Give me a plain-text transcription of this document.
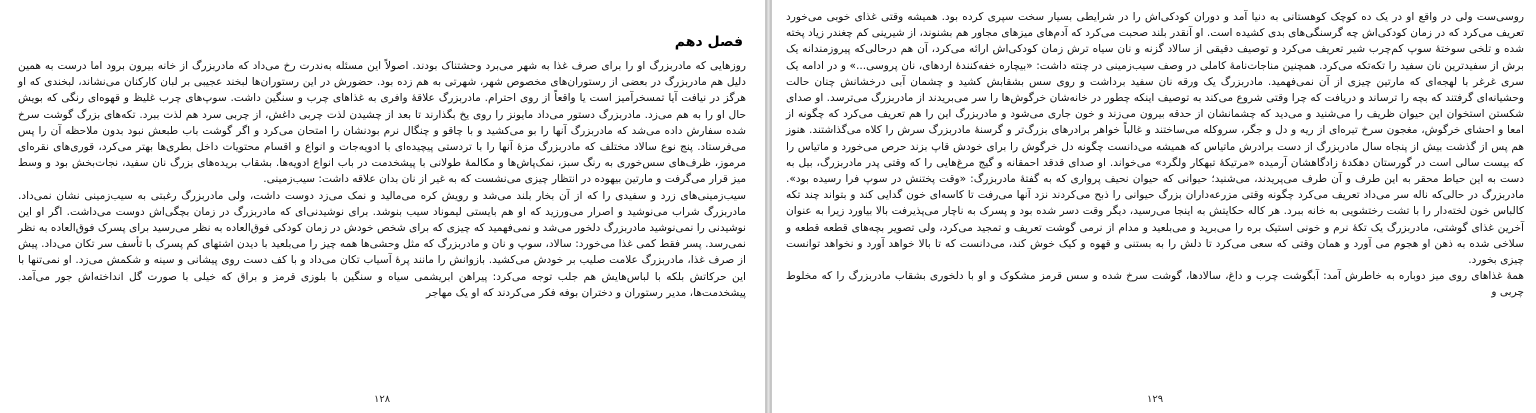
فصل دهم

روزهایی که مادربزرگ او را برای صرف غذا به شهر می‌برد وحشتناک بودند. اصولاً این مسئله به‌ندرت رخ می‌داد که مادربزرگ از خانه بیرون برود اما درست به همین دلیل هم مادربزرگ در بعضی از رستوران‌های مخصوص شهر، شهرتی به هم زده بود. حضورش در این رستوران‌ها لبخند عجیبی بر لبان کارکنان می‌نشاند، لبخندی که او هرگز در نیافت آیا تمسخرآمیز است یا واقعاً از روی احترام. مادربزرگ علاقهٔ وافری به غذاهای چرب و سنگین داشت. سوپ‌های چرب غلیظ و قهوه‌ای رنگی که بویش حال او را به هم می‌زد. مادربزرگ دستور می‌داد مایونز را روی یخ بگذارند تا بعد از چشیدن لذت چربی داغش، از چربی سرد هم لذت ببرد. تکه‌های بزرگ گوشت سرخ شده سفارش داده می‌شد که مادربزرگ آنها را بو می‌کشید و با چاقو و چنگال نرم بودنشان را امتحان می‌کرد و اگر گوشت باب طبعش نبود بدون ملاحظه آن را پس می‌فرستاد. پنج نوع سالاد مختلف که مادربزرگ مزهٔ آنها را با تردستی پیچیده‌ای با ادویه‌جات و انواع و اقسام محتویات داخل بطری‌ها بهتر می‌کرد، قوری‌های نقره‌ای مرموز، ظرف‌های سس‌خوری به رنگ سبز، نمک‌پاش‌ها و مکالمهٔ طولانی با پیشخدمت در باب انواع ادویه‌ها. بشقاب بریده‌های بزرگ نان سفید، نجات‌بخش بود و وسط میز قرار می‌گرفت و مارتین بیهوده در انتظار چیزی می‌نشست که به غیر از نان بدان علاقه داشت: سیب‌زمینی.

سیب‌زمینی‌های زرد و سفیدی را که از آن بخار بلند می‌شد و رویش کره می‌مالید و نمک می‌زد دوست داشت، ولی مادربزرگ رغبتی به سیب‌زمینی نشان نمی‌داد. مادربزرگ شراب می‌نوشید و اصرار می‌ورزید که او هم بایستی لیموناد سیب بنوشد. برای نوشیدنی‌ای که مادربزرگ در زمان بچگی‌اش دوست می‌داشت. اگر او این نوشیدنی را نمی‌نوشید مادربزرگ دلخور می‌شد و نمی‌فهمید که چیزی که برای شخص خودش در زمان کودکی فوق‌العاده به نظر می‌رسید برای پسرک فوق‌العاده به نظر نمی‌رسد. پسر فقط کمی غذا می‌خورد: سالاد، سوپ و نان و مادربزرگ که مثل وحشی‌ها همه چیز را می‌بلعید با دیدن اشتهای کم پسرک با تأسف سر تکان می‌داد. پیش از صرف غذا، مادربزرگ علامت صلیب بر خودش می‌کشید. بازوانش را مانند پرهٔ آسیاب تکان می‌داد و با کف دست روی پیشانی و سینه و شکمش می‌زد. او نمی‌تنها با این حرکاتش بلکه با لباس‌هایش هم جلب توجه می‌کرد: پیراهن ابریشمی سیاه و سنگین با بلوزی قرمز و براق که خیلی با صورت گل انداخته‌اش جور می‌آمد. پیشخدمت‌ها، مدیر رستوران و دختران بوفه فکر می‌کردند که او یک مهاجر

۱۲۸

روسی‌ست ولی در واقع او در یک ده کوچک کوهستانی به دنیا آمد و دوران کودکی‌اش را در شرایطی بسیار سخت سپری کرده بود. همیشه وقتی غذای خوبی می‌خورد تعریف می‌کرد که در زمان کودکی‌اش چه گرسنگی‌های بدی کشیده است. او آنقدر بلند صحبت می‌کرد که آدم‌های میزهای مجاور هم بشنوند، از شیرینی کم چغندر زیاد پخته شده و تلخی سوختهٔ سوپ کم‌چرب شیر تعریف می‌کرد و توصیف دقیقی از سالاد گزنه و نان سیاه ترش زمان کودکی‌اش ارائه می‌کرد، آن هم درحالی‌که پیروزمندانه یک برش از سفیدترین نان سفید را تکه‌تکه می‌کرد. همچنین مناجات‌نامهٔ کاملی در وصف سیب‌زمینی در چنته داشت: «بیچاره خفه‌کنندهٔ اردهای، نان پروسی...» و در ادامه یک سری غرغر با لهجه‌ای که مارتین چیزی از آن نمی‌فهمید. مادربزرگ یک ورقه نان سفید برداشت و روی سس بشقابش کشید و چشمان آبی درخشانش چنان حالت وحشیانه‌ای گرفتند که بچه را ترساند و دریافت که چرا وقتی شروع می‌کند به توصیف اینکه چطور در خانه‌شان خرگوش‌ها را سر می‌بریدند از مادربزرگ می‌ترسد. او صدای شکستن استخوان این حیوان ظریف را می‌شنید و می‌دید که چشمانشان از حدقه بیرون می‌زند و خون جاری می‌شود و مادربزرگ این را هم تعریف می‌کرد که چگونه از امعا و احشای خرگوش، مغجون سرخ تیره‌ای از ریه و دل و جگر، سروکله می‌ساختند و غالباً خواهر برادرهای بزرگ‌تر و گرسنهٔ مادربزرگ سرش را کلاه می‌گذاشتند. هنوز هم پس از گذشت بیش از پنجاه سال مادربزرگ از دست برادرش ماتیاس که همیشه می‌دانست چگونه دل خرگوش را برای خودش قاپ بزند حرص می‌خورد و ماتیاس را که بیست سالی است در گورستان دهکدهٔ زادگاهشان آرمیده «مرتیکهٔ تبهکار ولگرد» می‌خواند. او صدای قدقد احمقانه و گیج مرغ‌هایی را که وقتی پدر مادربزرگ، بیل به دست به این حیاط محقر به این طرف و آن طرف می‌پریدند، می‌شنید؛ حیوانی که حیوان نحیف پرواری که به گفتهٔ مادربزرگ: «وقت پختنش در سوپ فرا رسیده بود». مادربزرگ در حالی‌که ناله سر می‌داد تعریف می‌کرد چگونه وقتی مزرعه‌داران بزرگ حیوانی را ذبح می‌کردند نزد آنها می‌رفت تا کاسه‌ای خون گدایی کند و بتواند چند تکه کالباس خون لخته‌دار را با تشت رختشویی به خانه ببرد. هر کاله حکایتش به اینجا می‌رسید، دیگر وقت دسر شده بود و پسرک به ناچار می‌پذیرفت بالا بیاورد زیرا به عنوان آخرین غذای گوشتی، مادربزرگ یک تکهٔ نرم و خونی استیک بره را می‌برید و می‌بلعید و مدام از نرمی گوشت تعریف و تمجید می‌کرد، ولی تصویر بچه‌های قطعه قطعه و سلاخی شده به ذهن او هجوم می آورد و همان وقتی که سعی می‌کرد تا دلش را به بستنی و قهوه و کیک خوش کند، می‌دانست که تا بالا خواهد آورد و نخواهد توانست چیزی بخورد.

همهٔ غذاهای روی میز دوباره به خاطرش آمد: آبگوشت چرب و داغ، سالادها، گوشت سرخ شده و سس قرمز مشکوک و او با دلخوری بشقاب مادربزرگ را که مخلوط چربی و

۱۲۹
